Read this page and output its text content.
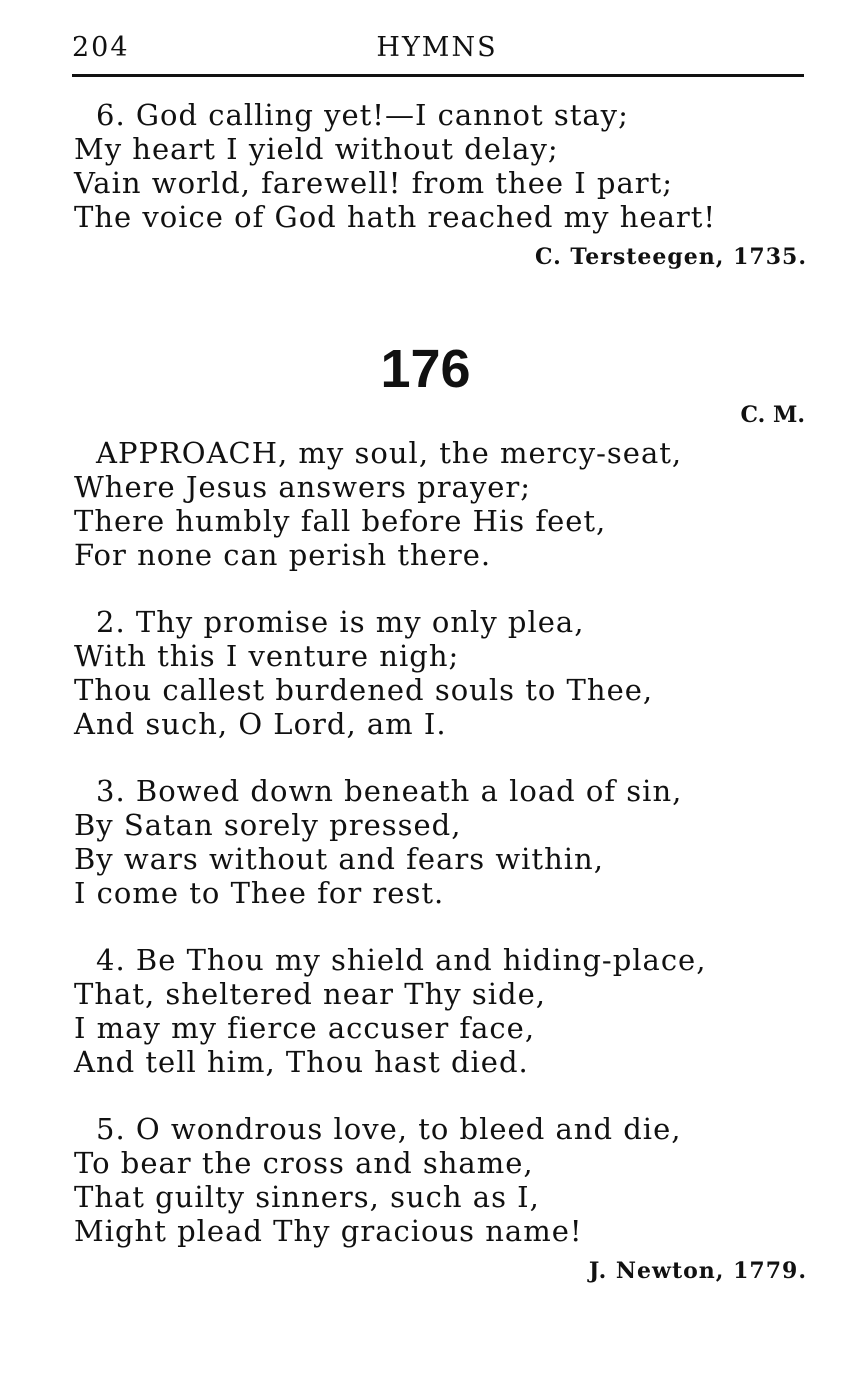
204	HYMNS
6. God calling yet!—I cannot stay;
My heart I yield without delay;
Vain world, farewell! from thee I part;
The voice of God hath reached my heart!
C. Tersteegen, 1735.
176
C. M.
APPROACH, my soul, the mercy-seat,
Where Jesus answers prayer;
There humbly fall before His feet,
For none can perish there.
2. Thy promise is my only plea,
With this I venture nigh;
Thou callest burdened souls to Thee,
And such, O Lord, am I.
3. Bowed down beneath a load of sin,
By Satan sorely pressed,
By wars without and fears within,
I come to Thee for rest.
4. Be Thou my shield and hiding-place,
That, sheltered near Thy side,
I may my fierce accuser face,
And tell him, Thou hast died.
5. O wondrous love, to bleed and die,
To bear the cross and shame,
That guilty sinners, such as I,
Might plead Thy gracious name!
J. Newton, 1779.
